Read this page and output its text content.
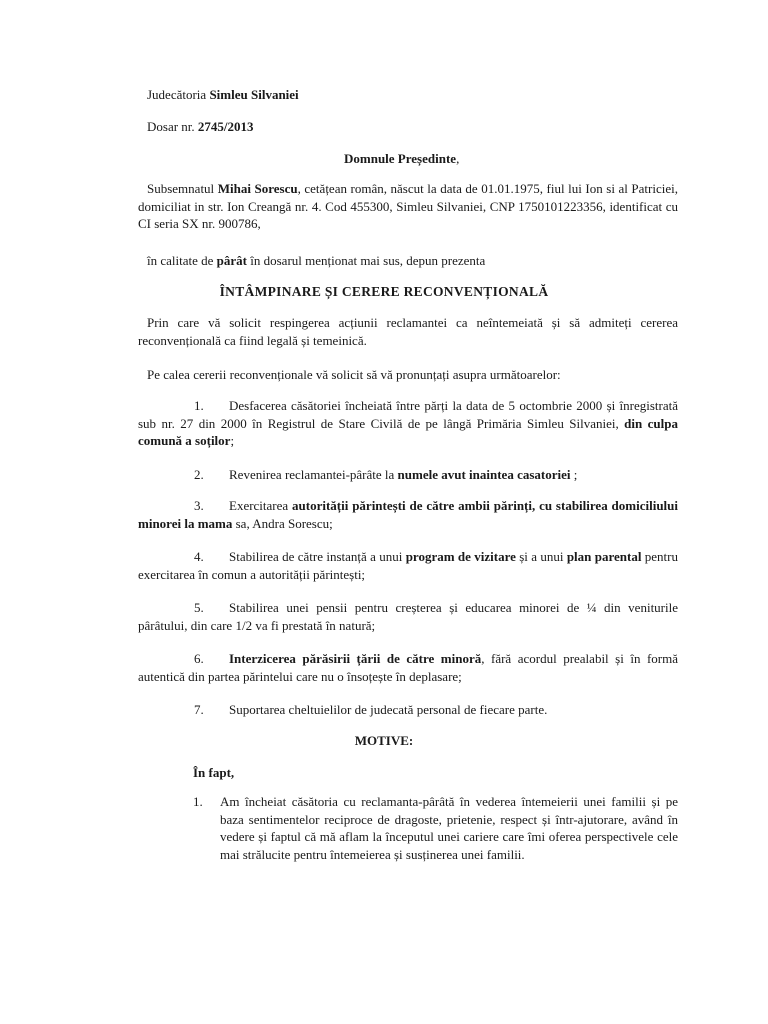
Judecătoria Simleu Silvaniei
Dosar nr. 2745/2013
Domnule Președinte,
Subsemnatul Mihai Sorescu, cetățean român, născut la data de 01.01.1975, fiul lui Ion si al Patriciei, domiciliat in str. Ion Creangă nr. 4. Cod 455300, Simleu Silvaniei, CNP 1750101223356, identificat cu CI seria SX nr. 900786,
în calitate de pârât în dosarul menționat mai sus, depun prezenta
ÎNTÂMPINARE ȘI CERERE RECONVENȚIONALĂ
Prin care vă solicit respingerea acțiunii reclamantei ca neîntemeiată și să admiteți cererea reconvențională ca fiind legală și temeinică.
Pe calea cererii reconvenționale vă solicit să vă pronunțați asupra următoarelor:
1.	Desfacerea căsătoriei încheiată între părți la data de 5 octombrie 2000 și înregistrată sub nr. 27 din 2000 în Registrul de Stare Civilă de pe lângă Primăria Simleu Silvaniei, din culpa comună a soților;
2. Revenirea reclamantei-pârâte la numele avut inaintea casatoriei ;
3.	Exercitarea autorității părintești de către ambii părinți, cu stabilirea domiciliului minorei la mama sa, Andra Sorescu;
4.	Stabilirea de către instanță a unui program de vizitare și a unui plan parental pentru exercitarea în comun a autorității părintești;
5.	Stabilirea unei pensii pentru creșterea și educarea minorei de ¼ din veniturile pârâtului, din care 1/2 va fi prestată în natură;
6.	Interzicerea părăsirii țării de către minoră, fără acordul prealabil și în formă autentică din partea părintelui care nu o însoțește în deplasare;
7. Suportarea cheltuielilor de judecată personal de fiecare parte.
MOTIVE:
În fapt,
1. Am încheiat căsătoria cu reclamanta-pârâtă în vederea întemeierii unei familii și pe baza sentimentelor reciproce de dragoste, prietenie, respect și într-ajutorare, având în vedere și faptul că mă aflam la începutul unei cariere care îmi oferea perspectivele cele mai strălucite pentru întemeierea și susținerea unei familii.
